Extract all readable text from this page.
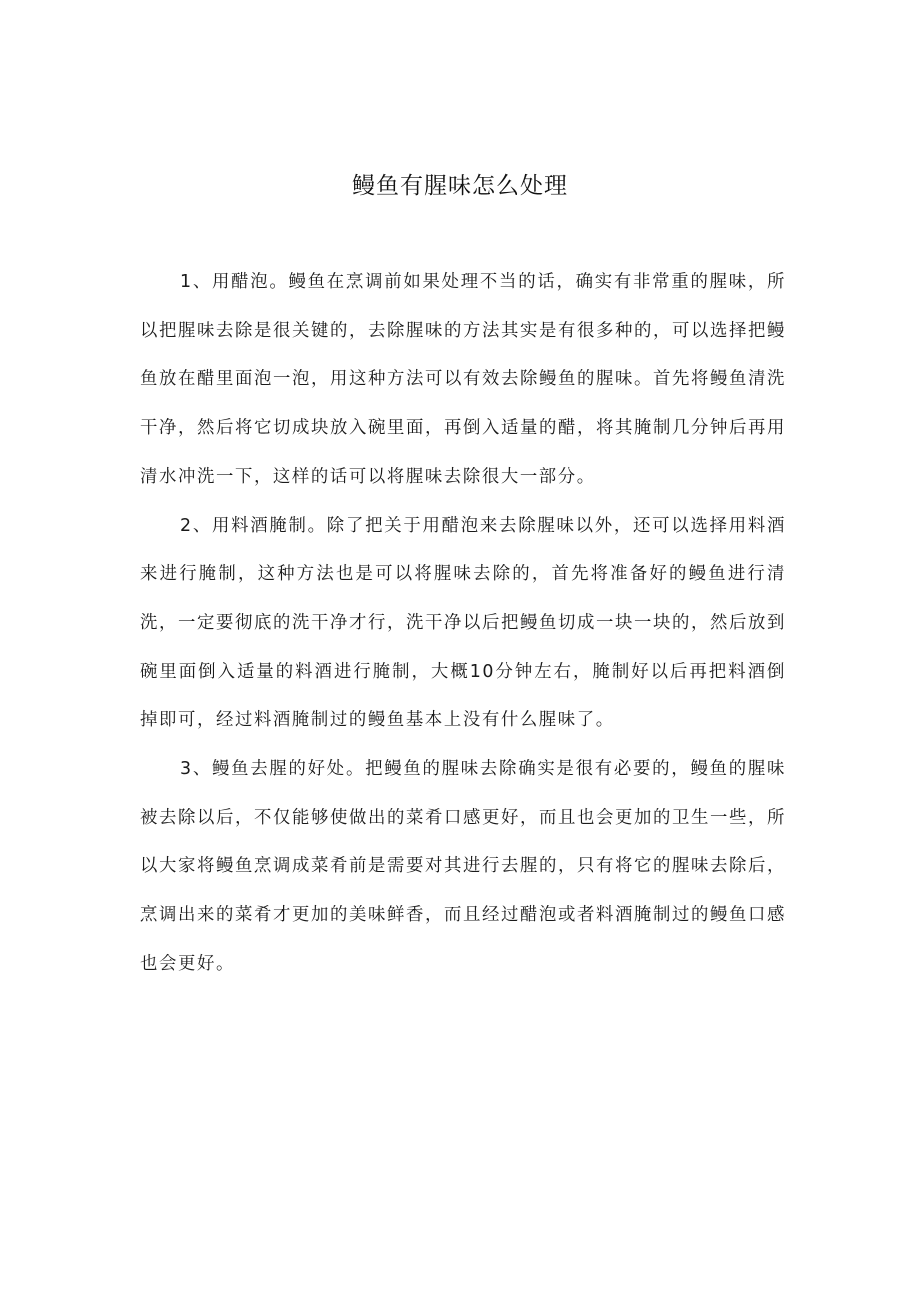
鳗鱼有腥味怎么处理

1、用醋泡。鳗鱼在烹调前如果处理不当的话，确实有非常重的腥味，所以把腥味去除是很关键的，去除腥味的方法其实是有很多种的，可以选择把鳗鱼放在醋里面泡一泡，用这种方法可以有效去除鳗鱼的腥味。首先将鳗鱼清洗干净，然后将它切成块放入碗里面，再倒入适量的醋，将其腌制几分钟后再用清水冲洗一下，这样的话可以将腥味去除很大一部分。

2、用料酒腌制。除了把关于用醋泡来去除腥味以外，还可以选择用料酒来进行腌制，这种方法也是可以将腥味去除的，首先将准备好的鳗鱼进行清洗，一定要彻底的洗干净才行，洗干净以后把鳗鱼切成一块一块的，然后放到碗里面倒入适量的料酒进行腌制，大概10分钟左右，腌制好以后再把料酒倒掉即可，经过料酒腌制过的鳗鱼基本上没有什么腥味了。

3、鳗鱼去腥的好处。把鳗鱼的腥味去除确实是很有必要的，鳗鱼的腥味被去除以后，不仅能够使做出的菜肴口感更好，而且也会更加的卫生一些，所以大家将鳗鱼烹调成菜肴前是需要对其进行去腥的，只有将它的腥味去除后，烹调出来的菜肴才更加的美味鲜香，而且经过醋泡或者料酒腌制过的鳗鱼口感也会更好。
